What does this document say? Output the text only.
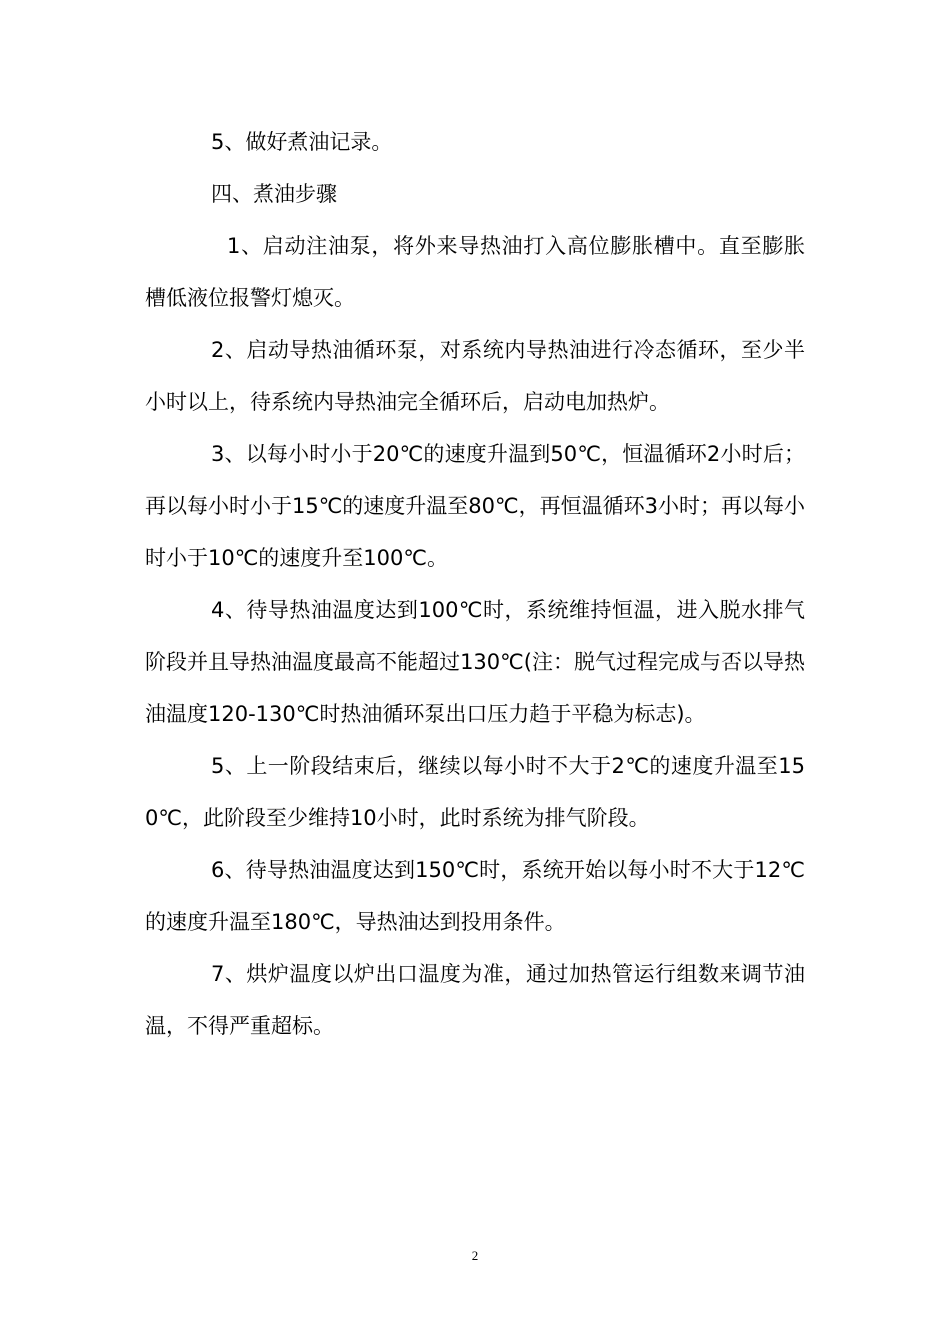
5、做好煮油记录。

四、煮油步骤

1、启动注油泵，将外来导热油打入高位膨胀槽中。直至膨胀槽低液位报警灯熄灭。

2、启动导热油循环泵，对系统内导热油进行冷态循环，至少半小时以上，待系统内导热油完全循环后，启动电加热炉。

3、以每小时小于20℃的速度升温到50℃，恒温循环2小时后；再以每小时小于15℃的速度升温至80℃，再恒温循环3小时；再以每小时小于10℃的速度升至100℃。

4、待导热油温度达到100℃时，系统维持恒温，进入脱水排气阶段并且导热油温度最高不能超过130℃(注：脱气过程完成与否以导热油温度120-130℃时热油循环泵出口压力趋于平稳为标志)。

5、上一阶段结束后，继续以每小时不大于2℃的速度升温至150℃，此阶段至少维持10小时，此时系统为排气阶段。

6、待导热油温度达到150℃时，系统开始以每小时不大于12℃的速度升温至180℃，导热油达到投用条件。

7、烘炉温度以炉出口温度为准，通过加热管运行组数来调节油温，不得严重超标。

2
